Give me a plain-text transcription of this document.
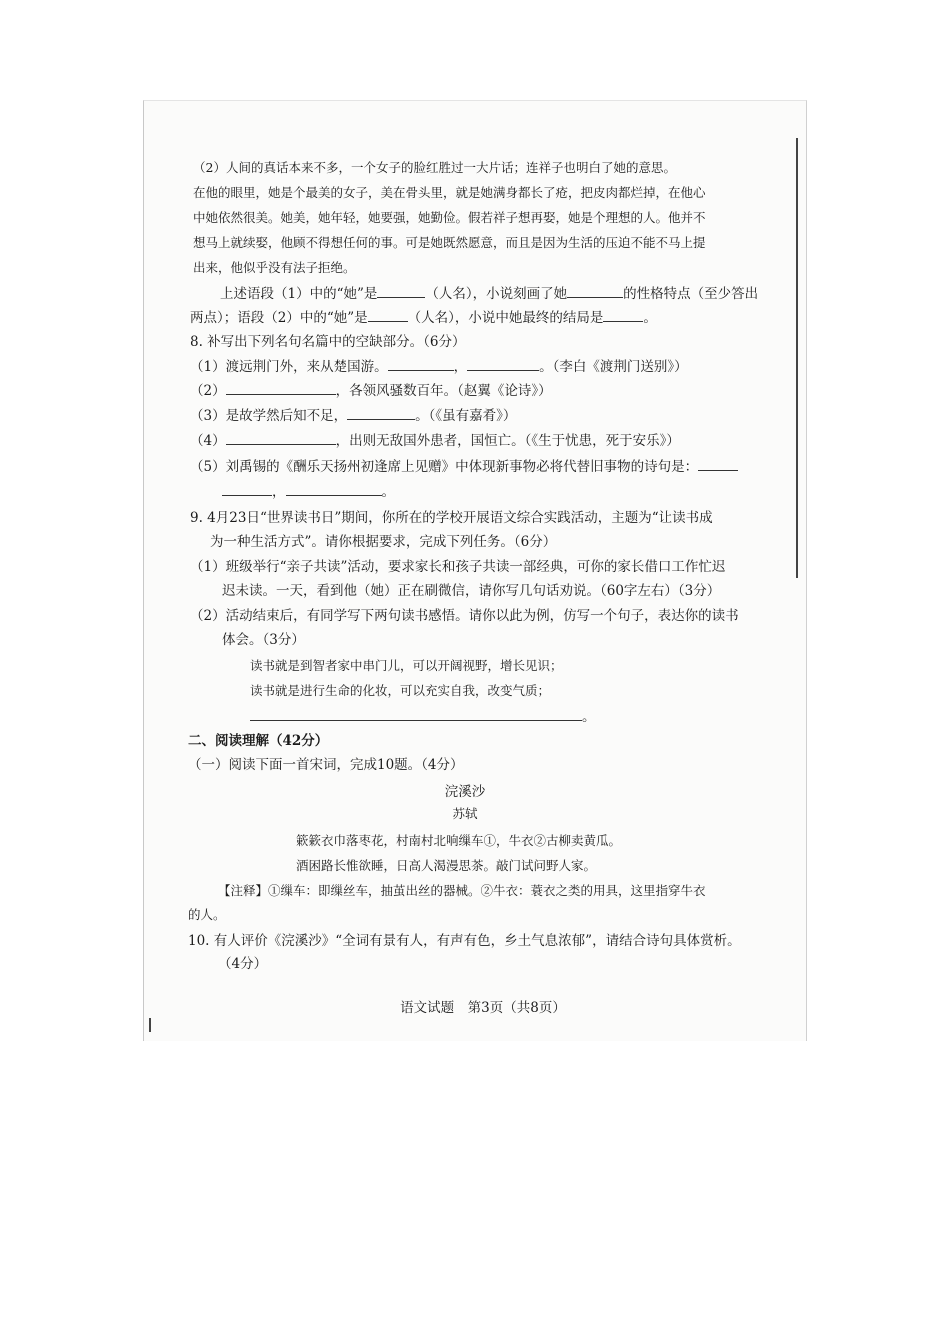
（2）人间的真话本来不多，一个女子的脸红胜过一大片话；连祥子也明白了她的意思。
在他的眼里，她是个最美的女子，美在骨头里，就是她满身都长了疮，把皮肉都烂掉，在他心
中她依然很美。她美，她年轻，她要强，她勤俭。假若祥子想再娶，她是个理想的人。他并不
想马上就续娶，他顾不得想任何的事。可是她既然愿意，而且是因为生活的压迫不能不马上提
出来，他似乎没有法子拒绝。
上述语段（1）中的“她”是	（人名），小说刻画了她	的性格特点（至少答出
两点）；语段（2）中的“她”是	（人名），小说中她最终的结局是	。
8. 补写出下列名句名篇中的空缺部分。（6分）
（1）渡远荆门外，来从楚国游。	，	。（李白《渡荆门送别》）
（2）	，各领风骚数百年。（赵翼《论诗》）
（3）是故学然后知不足，	。（《虽有嘉肴》）
（4）	，出则无敌国外患者，国恒亡。（《生于忧患，死于安乐》）
（5）刘禹锡的《酬乐天扬州初逢席上见赠》中体现新事物必将代替旧事物的诗句是：
，	。
9. 4月23日“世界读书日”期间，你所在的学校开展语文综合实践活动，主题为“让读书成
为一种生活方式”。请你根据要求，完成下列任务。（6分）
（1）班级举行“亲子共读”活动，要求家长和孩子共读一部经典，可你的家长借口工作忙迟
迟未读。一天，看到他（她）正在刷微信，请你写几句话劝说。（60字左右）（3分）
（2）活动结束后，有同学写下两句读书感悟。请你以此为例，仿写一个句子，表达你的读书
体会。（3分）
读书就是到智者家中串门儿，可以开阔视野，增长见识；
读书就是进行生命的化妆，可以充实自我，改变气质；
。
二、阅读理解（42分）
（一）阅读下面一首宋词，完成10题。（4分）
浣溪沙
苏轼
簌簌衣巾落枣花，村南村北响缫车①，牛衣②古柳卖黄瓜。
酒困路长惟欲睡，日高人渴漫思茶。敲门试问野人家。
【注释】①缫车：即缫丝车，抽茧出丝的器械。②牛衣：蓑衣之类的用具，这里指穿牛衣
的人。
10. 有人评价《浣溪沙》“全词有景有人，有声有色，乡土气息浓郁”，请结合诗句具体赏析。
（4分）
语文试题　第3页（共8页）
